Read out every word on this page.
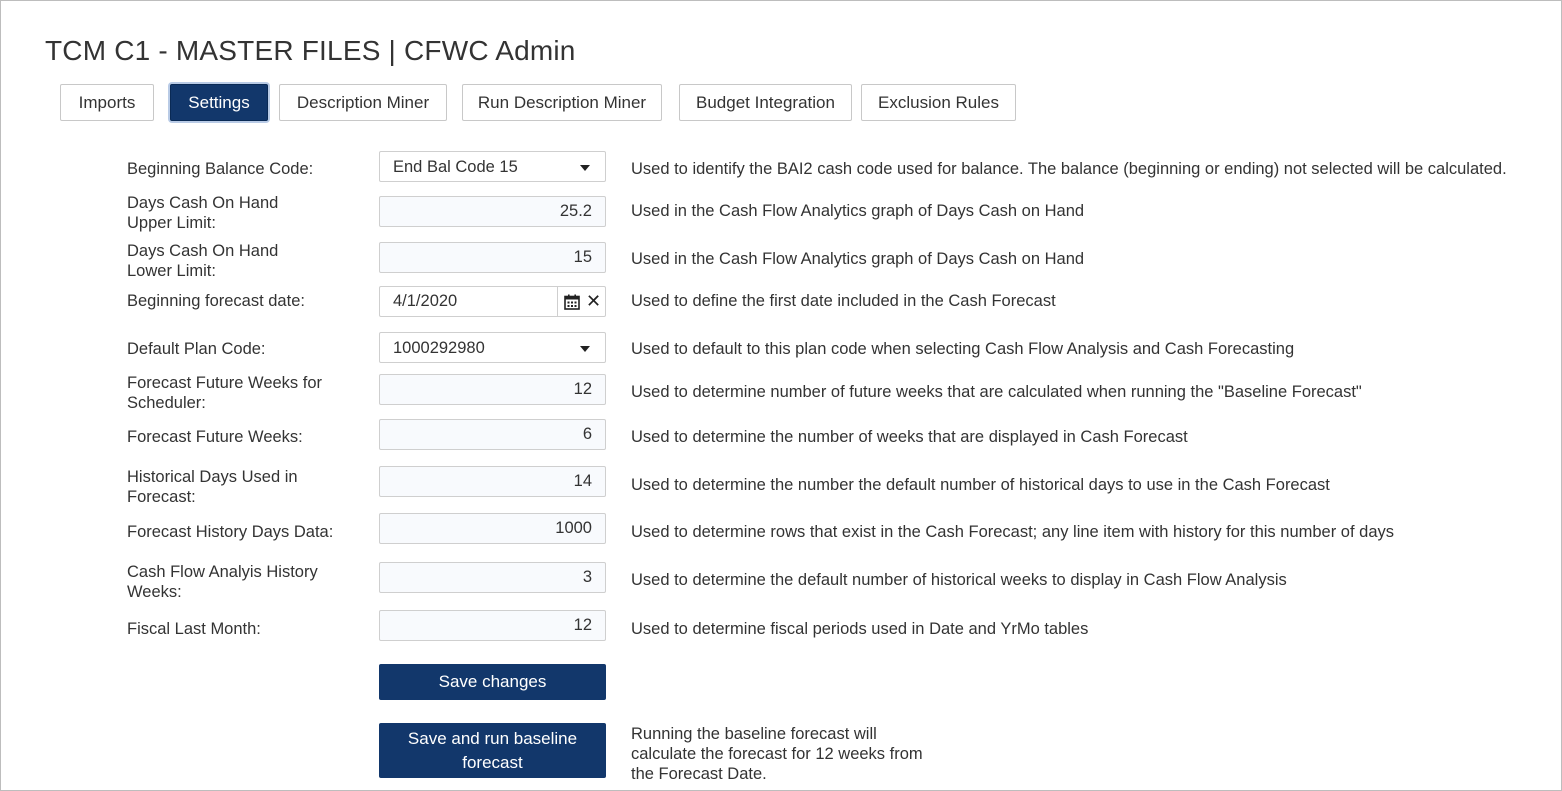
TCM C1 - MASTER FILES | CFWC Admin
Imports	Settings	Description Miner	Run Description Miner	Budget Integration	Exclusion Rules
Beginning Balance Code:	End Bal Code 15	Used to identify the BAI2 cash code used for balance. The balance (beginning or ending) not selected will be calculated.
Days Cash On Hand
Upper Limit:
25.2	Used in the Cash Flow Analytics graph of Days Cash on Hand
Days Cash On Hand
Lower Limit:
15	Used in the Cash Flow Analytics graph of Days Cash on Hand
Beginning forecast date:	4/1/2020	✕ Used to define the first date included in the Cash Forecast
Default Plan Code:	1000292980	Used to default to this plan code when selecting Cash Flow Analysis and Cash Forecasting
Forecast Future Weeks for
Scheduler:
12	Used to determine number of future weeks that are calculated when running the "Baseline Forecast"
Forecast Future Weeks:	6	Used to determine the number of weeks that are displayed in Cash Forecast
Historical Days Used in
Forecast:
14	Used to determine the number the default number of historical days to use in the Cash Forecast
Forecast History Days Data:	1000	Used to determine rows that exist in the Cash Forecast; any line item with history for this number of days
Cash Flow Analyis History
Weeks:
3	Used to determine the default number of historical weeks to display in Cash Flow Analysis
Fiscal Last Month:	12	Used to determine fiscal periods used in Date and YrMo tables
Save changes
Save and run baseline
forecast
Running the baseline forecast will
calculate the forecast for 12 weeks from
the Forecast Date.
